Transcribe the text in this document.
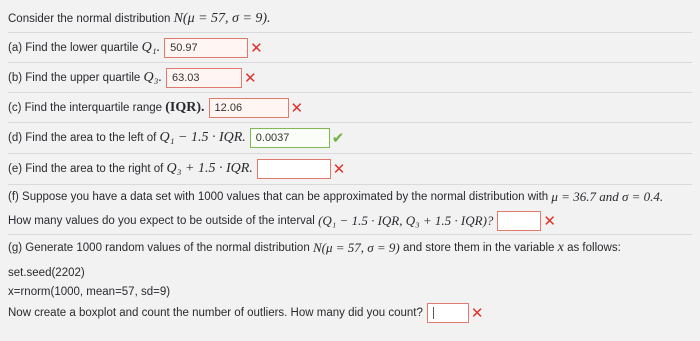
Consider the normal distribution
N(μ = 57, σ = 9).
(a) Find the lower quartile
Q₁. 50.97	✕
(b) Find the upper quartile
Q₃. 63.03	✕
(c) Find the interquartile range
(IQR). 12.06	✕
(d) Find the area to the left of
Q₁ − 1.5 · IQR. 0.0037	✔
(e) Find the area to the right of
Q₃ + 1.5 · IQR.	✕
(f) Suppose you have a data set with 1000 values that can be approximated by the normal distribution with
μ = 36.7 and σ = 0.4.
How many values do you expect to be outside of the interval
(Q₁ − 1.5 · IQR, Q₃ + 1.5 · IQR)?	✕
(g) Generate 1000 random values of the normal distribution
N(μ = 57, σ = 9)
and store them in the variable
x
as follows:
set.seed(2202)
x=rnorm(1000, mean=57, sd=9)
Now create a boxplot and count the number of outliers. How many did you count?	✕
